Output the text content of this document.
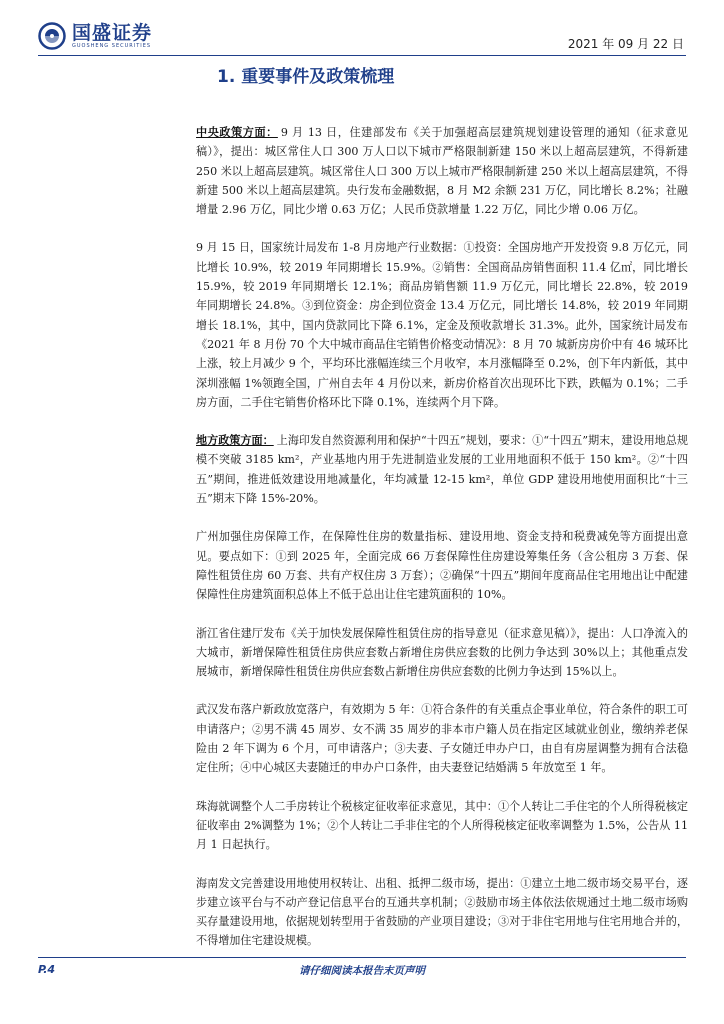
国盛证券
GUOSHENG SECURITIES	2021 年 09 月 22 日
1. 重要事件及政策梳理

中央政策方面： 9 月 13 日，住建部发布《关于加强超高层建筑规划建设管理的通知（征求意见稿）》，提出：城区常住人口 300 万人口以下城市严格限制新建 150 米以上超高层建筑，不得新建 250 米以上超高层建筑。城区常住人口 300 万以上城市严格限制新建 250 米以上超高层建筑，不得新建 500 米以上超高层建筑。央行发布金融数据，8 月 M2 余额 231 万亿，同比增长 8.2%；社融增量 2.96 万亿，同比少增 0.63 万亿；人民币贷款增量 1.22 万亿，同比少增 0.06 万亿。

9 月 15 日，国家统计局发布 1-8 月房地产行业数据：①投资：全国房地产开发投资 9.8 万亿元，同比增长 10.9%，较 2019 年同期增长 15.9%。②销售：全国商品房销售面积 11.4 亿㎡，同比增长 15.9%，较 2019 年同期增长 12.1%；商品房销售额 11.9 万亿元，同比增长 22.8%，较 2019 年同期增长 24.8%。③到位资金：房企到位资金 13.4 万亿元，同比增长 14.8%，较 2019 年同期增长 18.1%，其中，国内贷款同比下降 6.1%，定金及预收款增长 31.3%。此外，国家统计局发布《2021 年 8 月份 70 个大中城市商品住宅销售价格变动情况》：8 月 70 城新房房价中有 46 城环比上涨，较上月减少 9 个，平均环比涨幅连续三个月收窄，本月涨幅降至 0.2%，创下年内新低，其中深圳涨幅 1%领跑全国，广州自去年 4 月份以来，新房价格首次出现环比下跌，跌幅为 0.1%；二手房方面，二手住宅销售价格环比下降 0.1%，连续两个月下降。

地方政策方面： 上海印发自然资源利用和保护“十四五”规划，要求：①“十四五”期末，建设用地总规模不突破 3185 km²，产业基地内用于先进制造业发展的工业用地面积不低于 150 km²。②“十四五”期间，推进低效建设用地减量化，年均减量 12-15 km²，单位 GDP 建设用地使用面积比“十三五”期末下降 15%-20%。

广州加强住房保障工作，在保障性住房的数量指标、建设用地、资金支持和税费减免等方面提出意见。要点如下：①到 2025 年，全面完成 66 万套保障性住房建设筹集任务（含公租房 3 万套、保障性租赁住房 60 万套、共有产权住房 3 万套）；②确保“十四五”期间年度商品住宅用地出让中配建保障性住房建筑面积总体上不低于总出让住宅建筑面积的 10%。

浙江省住建厅发布《关于加快发展保障性租赁住房的指导意见（征求意见稿）》，提出：人口净流入的大城市，新增保障性租赁住房供应套数占新增住房供应套数的比例力争达到 30%以上；其他重点发展城市，新增保障性租赁住房供应套数占新增住房供应套数的比例力争达到 15%以上。

武汉发布落户新政放宽落户，有效期为 5 年：①符合条件的有关重点企事业单位，符合条件的职工可申请落户；②男不满 45 周岁、女不满 35 周岁的非本市户籍人员在指定区域就业创业，缴纳养老保险由 2 年下调为 6 个月，可申请落户；③夫妻、子女随迁申办户口，由自有房屋调整为拥有合法稳定住所；④中心城区夫妻随迁的申办户口条件，由夫妻登记结婚满 5 年放宽至 1 年。

珠海就调整个人二手房转让个税核定征收率征求意见，其中：①个人转让二手住宅的个人所得税核定征收率由 2%调整为 1%；②个人转让二手非住宅的个人所得税核定征收率调整为 1.5%，公告从 11 月 1 日起执行。

海南发文完善建设用地使用权转让、出租、抵押二级市场，提出：①建立土地二级市场交易平台，逐步建立该平台与不动产登记信息平台的互通共享机制；②鼓励市场主体依法依规通过土地二级市场购买存量建设用地，依据规划转型用于省鼓励的产业项目建设；③对于非住宅用地与住宅用地合并的，不得增加住宅建设规模。

P.4	请仔细阅读本报告末页声明
